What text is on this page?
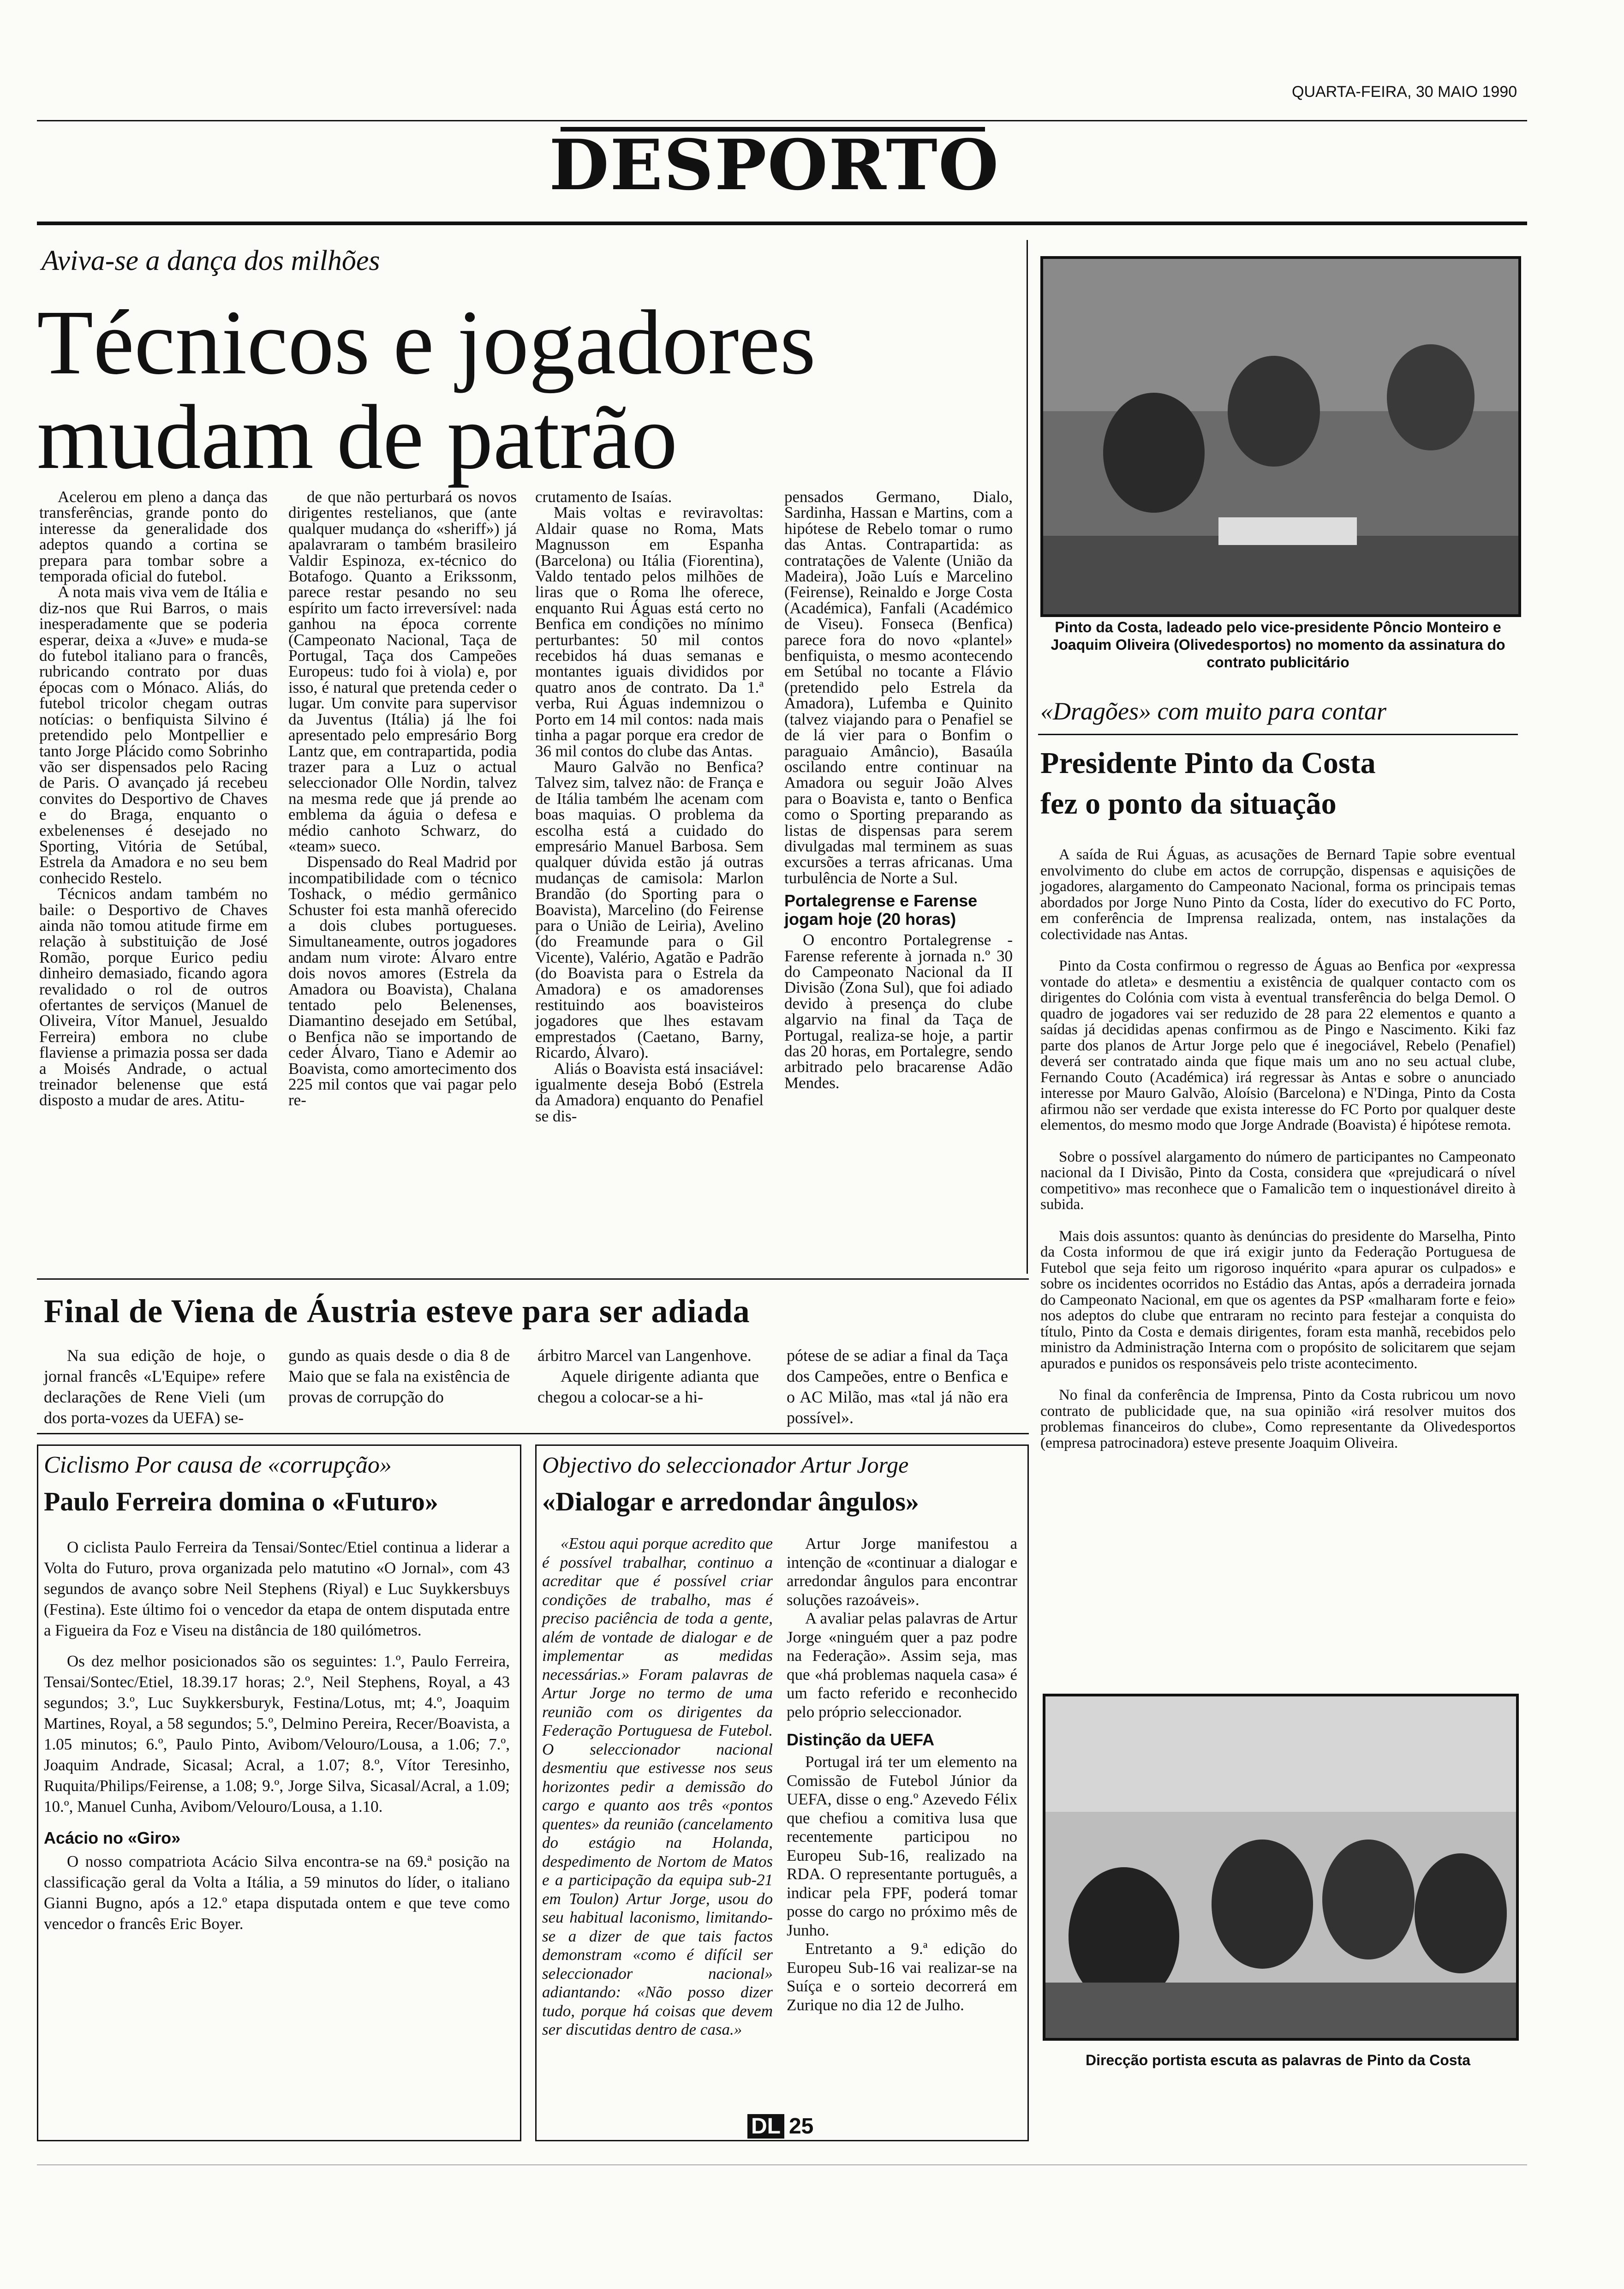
QUARTA-FEIRA, 30 MAIO 1990
DESPORTO
Aviva-se a dança dos milhões
Técnicos e jogadores
mudam de patrão

Acelerou em pleno a dança das transferências, grande ponto do interesse da generalidade dos adeptos quando a cortina se prepara para tombar sobre a temporada oficial do futebol.

A nota mais viva vem de Itália e diz-nos que Rui Barros, o mais inesperadamente que se poderia esperar, deixa a «Juve» e muda-se do futebol italiano para o francês, rubricando contrato por duas épocas com o Mónaco. Aliás, do futebol tricolor chegam outras notícias: o benfiquista Silvino é pretendido pelo Montpellier e tanto Jorge Plácido como Sobrinho vão ser dispensados pelo Racing de Paris. O avançado já recebeu convites do Desportivo de Chaves e do Braga, enquanto o exbelenenses é desejado no Sporting, Vitória de Setúbal, Estrela da Amadora e no seu bem conhecido Restelo.

Técnicos andam também no baile: o Desportivo de Chaves ainda não tomou atitude firme em relação à substituição de José Romão, porque Eurico pediu dinheiro demasiado, ficando agora revalidado o rol de outros ofertantes de serviços (Manuel de Oliveira, Vítor Manuel, Jesualdo Ferreira) embora no clube flaviense a primazia possa ser dada a Moisés Andrade, o actual treinador belenense que está disposto a mudar de ares. Atitu-

de que não perturbará os novos dirigentes restelianos, que (ante qualquer mudança do «sheriff») já apalavraram o também brasileiro Valdir Espinoza, ex-técnico do Botafogo. Quanto a Erikssonm, parece restar pesando no seu espírito um facto irreversível: nada ganhou na época corrente (Campeonato Nacional, Taça de Portugal, Taça dos Campeões Europeus: tudo foi à viola) e, por isso, é natural que pretenda ceder o lugar. Um convite para supervisor da Juventus (Itália) já lhe foi apresentado pelo empresário Borg Lantz que, em contrapartida, podia trazer para a Luz o actual seleccionador Olle Nordin, talvez na mesma rede que já prende ao emblema da águia o defesa e médio canhoto Schwarz, do «team» sueco.

Dispensado do Real Madrid por incompatibilidade com o técnico Toshack, o médio germânico Schuster foi esta manhã oferecido a dois clubes portugueses. Simultaneamente, outros jogadores andam num virote: Álvaro entre dois novos amores (Estrela da Amadora ou Boavista), Chalana tentado pelo Belenenses, Diamantino desejado em Setúbal, o Benfica não se importando de ceder Álvaro, Tiano e Ademir ao Boavista, como amortecimento dos 225 mil contos que vai pagar pelo re-

crutamento de Isaías.

Mais voltas e reviravoltas: Aldair quase no Roma, Mats Magnusson em Espanha (Barcelona) ou Itália (Fiorentina), Valdo tentado pelos milhões de liras que o Roma lhe oferece, enquanto Rui Águas está certo no Benfica em condições no mínimo perturbantes: 50 mil contos recebidos há duas semanas e montantes iguais divididos por quatro anos de contrato. Da 1.ª verba, Rui Águas indemnizou o Porto em 14 mil contos: nada mais tinha a pagar porque era credor de 36 mil contos do clube das Antas.

Mauro Galvão no Benfica? Talvez sim, talvez não: de França e de Itália também lhe acenam com boas maquias. O problema da escolha está a cuidado do empresário Manuel Barbosa. Sem qualquer dúvida estão já outras mudanças de camisola: Marlon Brandão (do Sporting para o Boavista), Marcelino (do Feirense para o União de Leiria), Avelino (do Freamunde para o Gil Vicente), Valério, Agatão e Padrão (do Boavista para o Estrela da Amadora) e os amadorenses restituindo aos boavisteiros jogadores que lhes estavam emprestados (Caetano, Barny, Ricardo, Álvaro).

Aliás o Boavista está insaciável: igualmente deseja Bobó (Estrela da Amadora) enquanto do Penafiel se dis-

pensados Germano, Dialo, Sardinha, Hassan e Martins, com a hipótese de Rebelo tomar o rumo das Antas. Contrapartida: as contratações de Valente (União da Madeira), João Luís e Marcelino (Feirense), Reinaldo e Jorge Costa (Académica), Fanfali (Académico de Viseu). Fonseca (Benfica) parece fora do novo «plantel» benfiquista, o mesmo acontecendo em Setúbal no tocante a Flávio (pretendido pelo Estrela da Amadora), Lufemba e Quinito (talvez viajando para o Penafiel se de lá vier para o Bonfim o paraguaio Amâncio), Basaúla oscilando entre continuar na Amadora ou seguir João Alves para o Boavista e, tanto o Benfica como o Sporting preparando as listas de dispensas para serem divulgadas mal terminem as suas excursões a terras africanas. Uma turbulência de Norte a Sul.

Portalegrense e Farense jogam hoje (20 horas)

O encontro Portalegrense - Farense referente à jornada n.º 30 do Campeonato Nacional da II Divisão (Zona Sul), que foi adiado devido à presença do clube algarvio na final da Taça de Portugal, realiza-se hoje, a partir das 20 horas, em Portalegre, sendo arbitrado pelo bracarense Adão Mendes.

Pinto da Costa, ladeado pelo vice-presidente Pôncio Monteiro e Joaquim Oliveira (Olivedesportos) no momento da assinatura do contrato publicitário
«Dragões» com muito para contar
Presidente Pinto da Costa
fez o ponto da situação

A saída de Rui Águas, as acusações de Bernard Tapie sobre eventual envolvimento do clube em actos de corrupção, dispensas e aquisições de jogadores, alargamento do Campeonato Nacional, forma os principais temas abordados por Jorge Nuno Pinto da Costa, líder do executivo do FC Porto, em conferência de Imprensa realizada, ontem, nas instalações da colectividade nas Antas.

Pinto da Costa confirmou o regresso de Águas ao Benfica por «expressa vontade do atleta» e desmentiu a existência de qualquer contacto com os dirigentes do Colónia com vista à eventual transferência do belga Demol. O quadro de jogadores vai ser reduzido de 28 para 22 elementos e quanto a saídas já decididas apenas confirmou as de Pingo e Nascimento. Kiki faz parte dos planos de Artur Jorge pelo que é inegociável, Rebelo (Penafiel) deverá ser contratado ainda que fique mais um ano no seu actual clube, Fernando Couto (Académica) irá regressar às Antas e sobre o anunciado interesse por Mauro Galvão, Aloísio (Barcelona) e N'Dinga, Pinto da Costa afirmou não ser verdade que exista interesse do FC Porto por qualquer deste elementos, do mesmo modo que Jorge Andrade (Boavista) é hipótese remota.

Sobre o possível alargamento do número de participantes no Campeonato nacional da I Divisão, Pinto da Costa, considera que «prejudicará o nível competitivo» mas reconhece que o Famalicão tem o inquestionável direito à subida.

Mais dois assuntos: quanto às denúncias do presidente do Marselha, Pinto da Costa informou de que irá exigir junto da Federação Portuguesa de Futebol que seja feito um rigoroso inquérito «para apurar os culpados» e sobre os incidentes ocorridos no Estádio das Antas, após a derradeira jornada do Campeonato Nacional, em que os agentes da PSP «malharam forte e feio» nos adeptos do clube que entraram no recinto para festejar a conquista do título, Pinto da Costa e demais dirigentes, foram esta manhã, recebidos pelo ministro da Administração Interna com o propósito de solicitarem que sejam apurados e punidos os responsáveis pelo triste acontecimento.

No final da conferência de Imprensa, Pinto da Costa rubricou um novo contrato de publicidade que, na sua opinião «irá resolver muitos dos problemas financeiros do clube», Como representante da Olivedesportos (empresa patrocinadora) esteve presente Joaquim Oliveira.

Direcção portista escuta as palavras de Pinto da Costa
Final de Viena de Áustria esteve para ser adiada

Na sua edição de hoje, o jornal francês «L'Equipe» refere declarações de Rene Vieli (um dos porta-vozes da UEFA) se-

gundo as quais desde o dia 8 de Maio que se fala na existência de provas de corrupção do

árbitro Marcel van Langenhove.

Aquele dirigente adianta que chegou a colocar-se a hi-

pótese de se adiar a final da Taça dos Campeões, entre o Benfica e o AC Milão, mas «tal já não era possível».

Ciclismo Por causa de «corrupção»
Paulo Ferreira domina o «Futuro»

O ciclista Paulo Ferreira da Tensai/Sontec/Etiel continua a liderar a Volta do Futuro, prova organizada pelo matutino «O Jornal», com 43 segundos de avanço sobre Neil Stephens (Riyal) e Luc Suykkersbuys (Festina). Este último foi o vencedor da etapa de ontem disputada entre a Figueira da Foz e Viseu na distância de 180 quilómetros.

Os dez melhor posicionados são os seguintes: 1.º, Paulo Ferreira, Tensai/Sontec/Etiel, 18.39.17 horas; 2.º, Neil Stephens, Royal, a 43 segundos; 3.º, Luc Suykkersburyk, Festina/Lotus, mt; 4.º, Joaquim Martines, Royal, a 58 segundos; 5.º, Delmino Pereira, Recer/Boavista, a 1.05 minutos; 6.º, Paulo Pinto, Avibom/Velouro/Lousa, a 1.06; 7.º, Joaquim Andrade, Sicasal; Acral, a 1.07; 8.º, Vítor Teresinho, Ruquita/Philips/Feirense, a 1.08; 9.º, Jorge Silva, Sicasal/Acral, a 1.09; 10.º, Manuel Cunha, Avibom/Velouro/Lousa, a 1.10.

Acácio no «Giro»

O nosso compatriota Acácio Silva encontra-se na 69.ª posição na classificação geral da Volta a Itália, a 59 minutos do líder, o italiano Gianni Bugno, após a 12.º etapa disputada ontem e que teve como vencedor o francês Eric Boyer.

Objectivo do seleccionador Artur Jorge
«Dialogar e arredondar ângulos»

«Estou aqui porque acredito que é possível trabalhar, continuo a acreditar que é possível criar condições de trabalho, mas é preciso paciência de toda a gente, além de vontade de dialogar e de implementar as medidas necessárias.» Foram palavras de Artur Jorge no termo de uma reunião com os dirigentes da Federação Portuguesa de Futebol. O seleccionador nacional desmentiu que estivesse nos seus horizontes pedir a demissão do cargo e quanto aos três «pontos quentes» da reunião (cancelamento do estágio na Holanda, despedimento de Nortom de Matos e a participação da equipa sub-21 em Toulon) Artur Jorge, usou do seu habitual laconismo, limitando-se a dizer de que tais factos demonstram «como é difícil ser seleccionador nacional» adiantando: «Não posso dizer tudo, porque há coisas que devem ser discutidas dentro de casa.»

Artur Jorge manifestou a intenção de «continuar a dialogar e arredondar ângulos para encontrar soluções razoáveis».

A avaliar pelas palavras de Artur Jorge «ninguém quer a paz podre na Federação». Assim seja, mas que «há problemas naquela casa» é um facto referido e reconhecido pelo próprio seleccionador.

Distinção da UEFA

Portugal irá ter um elemento na Comissão de Futebol Júnior da UEFA, disse o eng.º Azevedo Félix que chefiou a comitiva lusa que recentemente participou no Europeu Sub-16, realizado na RDA. O representante português, a indicar pela FPF, poderá tomar posse do cargo no próximo mês de Junho.

Entretanto a 9.ª edição do Europeu Sub-16 vai realizar-se na Suíça e o sorteio decorrerá em Zurique no dia 12 de Julho.

DL 25
